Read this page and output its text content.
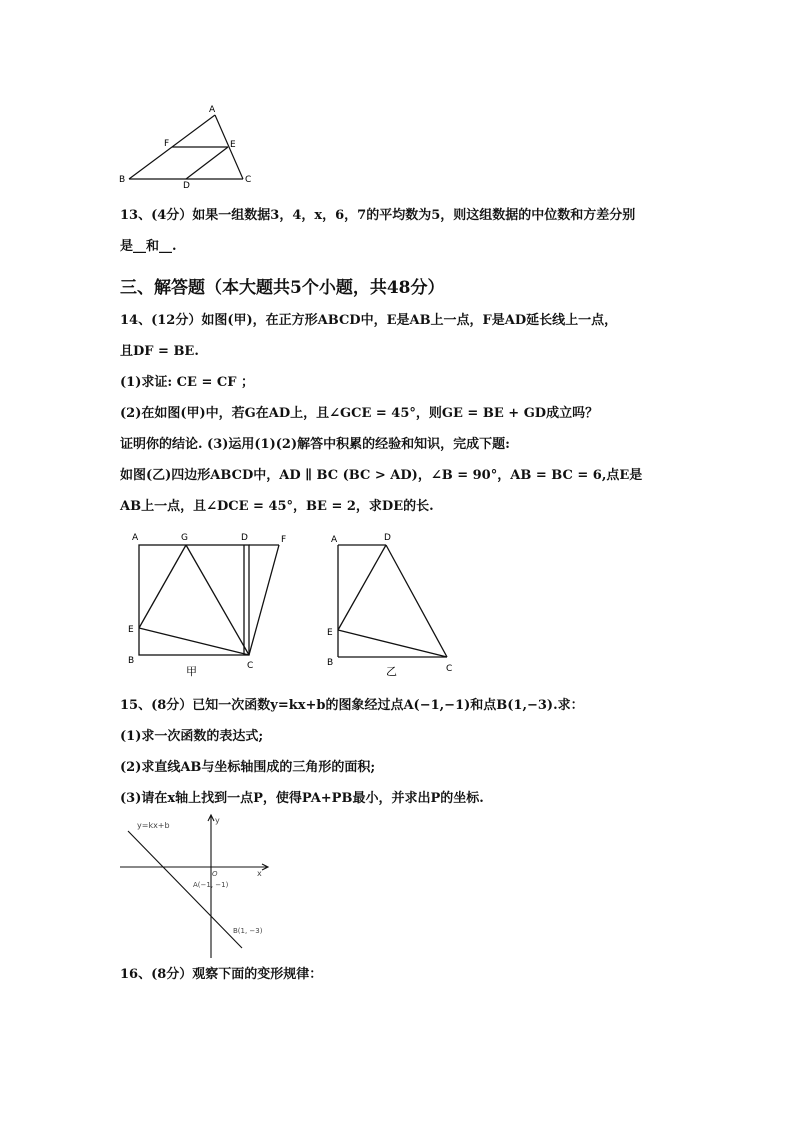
A
F	E
B
D
C
13、(4分）如果一组数据3，4，x，6，7的平均数为5，则这组数据的中位数和方差分别
是__和__.
三、解答题（本大题共5个小题，共48分）
14、(12分）如图(甲)，在正方形ABCD中，E是AB上一点，F是AD延长线上一点，
且DF = BE.
(1)求证: CE = CF ；
(2)在如图(甲)中，若G在AD上，且∠GCE = 45°，则GE = BE + GD成立吗？
证明你的结论. (3)运用(1)(2)解答中积累的经验和知识，完成下题:
如图(乙)四边形ABCD中，AD ∥ BC (BC > AD)，∠B = 90°，AB = BC = 6,点E是
AB上一点，且∠DCE = 45°，BE = 2，求DE的长.
A	G	D	F
E
B	C
甲
A	D
E
B
C
乙
15、(8分）已知一次函数y=kx+b的图象经过点A(−1,−1)和点B(1,−3).求：
(1)求一次函数的表达式;
(2)求直线AB与坐标轴围成的三角形的面积;
(3)请在x轴上找到一点P，使得PA+PB最小，并求出P的坐标.
y=kx+b
y
x
O
A(−1, −1)
B(1, −3)
16、(8分）观察下面的变形规律：
